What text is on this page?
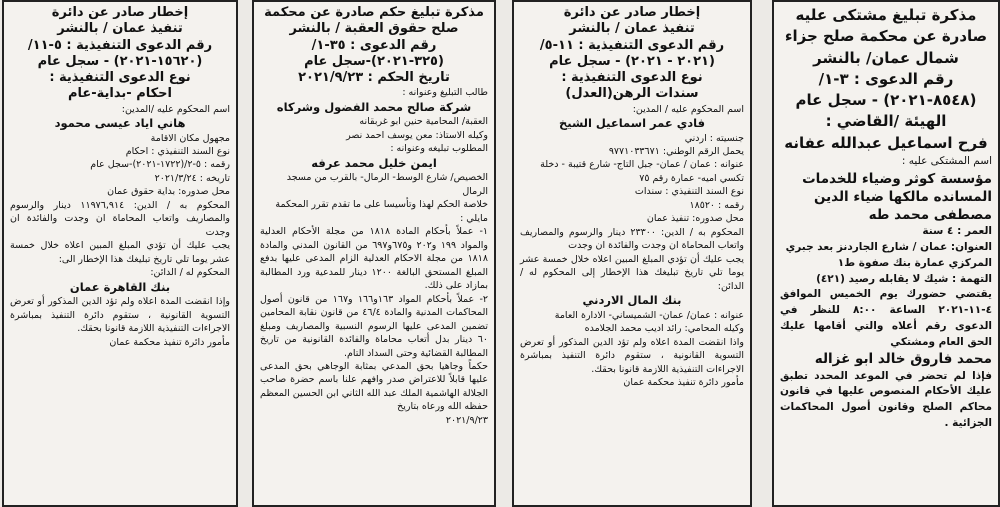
مذكرة تبليغ مشتكى عليه
صادرة عن محكمة صلح جزاء
شمال عمان/ بالنشر
رقم الدعوى : ٣-١/
(٨٥٤٨-٢٠٢١) - سجل عام
الهيئة /القاضي :
فرح اسماعيل عبدالله عفانه
اسم المشتكى عليه :
مؤسسة كوثر وضياء للخدمات المسانده مالكها ضياء الدين مصطفى محمد طه
العمر : ٤ سنة
العنوان: عمان / شارع الجاردنز بعد جبري المركزي عمارة بنك صفوة ط١
التهمة : شيك لا يقابله رصيد (٤٢١)
يقتضي حضورك يوم الخميس الموافق ٤-١١-٢٠٢١ الساعة ٨:٠٠ للنظر في الدعوى رقم أعلاه والتي أقامها عليك الحق العام ومشتكي
محمد فاروق خالد ابو غزاله
فإذا لم تحضر في الموعد المحدد تطبق عليك الأحكام المنصوص عليها في قانون محاكم الصلح وقانون أصول المحاكمات الجزائية .
إخطار صادر عن دائرة
تنفيذ عمان / بالنشر
رقم الدعوى التنفيذية : ١١-٥/
(٢٠٢١ - ٢٠٢١) - سجل عام
نوع الدعوى التنفيذية :
سندات الرهن(العدل)
اسم المحكوم عليه / المدين:
فادي عمر اسماعيل الشيخ
جنسيته : اردني
يحمل الرقم الوطني: ٩٧٧١٠٣٣٦٧١
عنوانه : عمان / عمان- جبل التاج- شارع قتيبة - دخلة تكسي اميه- عمارة رقم ٧٥
نوع السند التنفيذي : سندات
رقمه : ١٨٥٢٠
محل صدوره: تنفيذ عمان
المحكوم به / الدين: ٢٣٣٠٠ دينار والرسوم والمصاريف واتعاب المحاماة ان وجدت والفائدة ان وجدت
يجب عليك أن تؤدي المبلغ المبين اعلاه خلال خمسة عشر يوما تلي تاريخ تبليغك هذا الإخطار إلى المحكوم له / الدائن:
بنك المال الاردني
عنوانه : عمان/ عمان- الشميساني- الادارة العامة
وكيله المحامي: رائد اديب محمد الجلامده
واذا انقضت المدة اعلاه ولم تؤد الدين المذكور أو تعرض التسوية القانونية ، ستقوم دائرة التنفيذ بمباشرة الاجراءات التنفيذية اللازمة قانونا بحقك.
مأمور دائرة تنفيذ محكمة عمان
مذكرة تبليغ حكم صادرة عن محكمة
صلح حقوق العقبة / بالنشر
رقم الدعوى : ٣٥-١/
(٣٢٥-٢٠٢١)-سجل عام
تاريخ الحكم : ٢٠٢١/٩/٢٣
طالب التبليغ وعنوانه :
شركة صالح محمد الفضول وشركاه
العقبة/ المحامية حنين ابو غربقانه
وكيله الاستاذ: معن يوسف احمد نصر
المطلوب تبليغه وعنوانه :
ايمن خليل محمد عرفه
الخصيص/ شارع الوسط- الرمال- بالقرب من مسجد الرمال
خلاصة الحكم لهذا وتأسيسا على ما تقدم تقرر المحكمة مايلي :
١- عملاً بأحكام المادة ١٨١٨ من مجلة الأحكام العدلية والمواد ١٩٩ و٢٠٢ و٦٧٥و٦٩٧ من القانون المدني والمادة ١٨١٨ من مجلة الاحكام العدلية الزام المدعى عليها بدفع المبلغ المستحق البالغة ١٢٠٠ دينار للمدعية ورد المطالبة بمازاد على ذلك.
٢- عملاً بأحكام المواد ١٦٣و١٦٦ و١٦٧ من قانون أصول المحاكمات المدنية والمادة ٤٦/٤ من قانون نقابة المحامين تضمين المدعى عليها الرسوم النسبية والمصاريف ومبلغ ٦٠ دينار بدل أتعاب محاماة والفائدة القانونية من تاريخ المطالبة القضائية وحتى السداد التام.
حكماً وجاهيا بحق المدعي بمثابة الوجاهي بحق المدعى عليها قابلاً للاعتراض صدر وافهم علنا باسم حضرة صاحب الجلالة الهاشمية الملك عبد الله الثاني ابن الحسين المعظم حفظه الله ورعاه بتاريخ
٢٠٢١/٩/٢٣
إخطار صادر عن دائرة
تنفيذ عمان / بالنشر
رقم الدعوى التنفيذية : ٥-١١/
(١٥٦٢٠-٢٠٢١) - سجل عام
نوع الدعوى التنفيذية :
احكام -بداية-عام
اسم المحكوم عليه /المدين:
هاني اياد عيسى محمود
مجهول مكان الاقامة
نوع السند التنفيذي : احكام
رقمه : ٥-٢/(١٧٢٢-٢٠٢١)-سجل عام
تاريخه : ٢٠٢١/٣/٢٤
محل صدوره: بداية حقوق عمان
المحكوم به / الدين: ١١٩٧٦,٩١٤ دينار والرسوم والمصاريف واتعاب المحاماة ان وجدت والفائدة ان وجدت
يجب عليك أن تؤدي المبلغ المبين اعلاه خلال خمسة عشر يوما تلي تاريخ تبليغك هذا الإخطار الى:
المحكوم له / الدائن:
بنك القاهرة عمان
وإذا انقضت المدة اعلاه ولم تؤد الدين المذكور أو تعرض التسوية القانونية ، ستقوم دائرة التنفيذ بمباشرة الاجراءات التنفيذية اللازمة قانونا بحقك.
مأمور دائرة تنفيذ محكمة عمان
